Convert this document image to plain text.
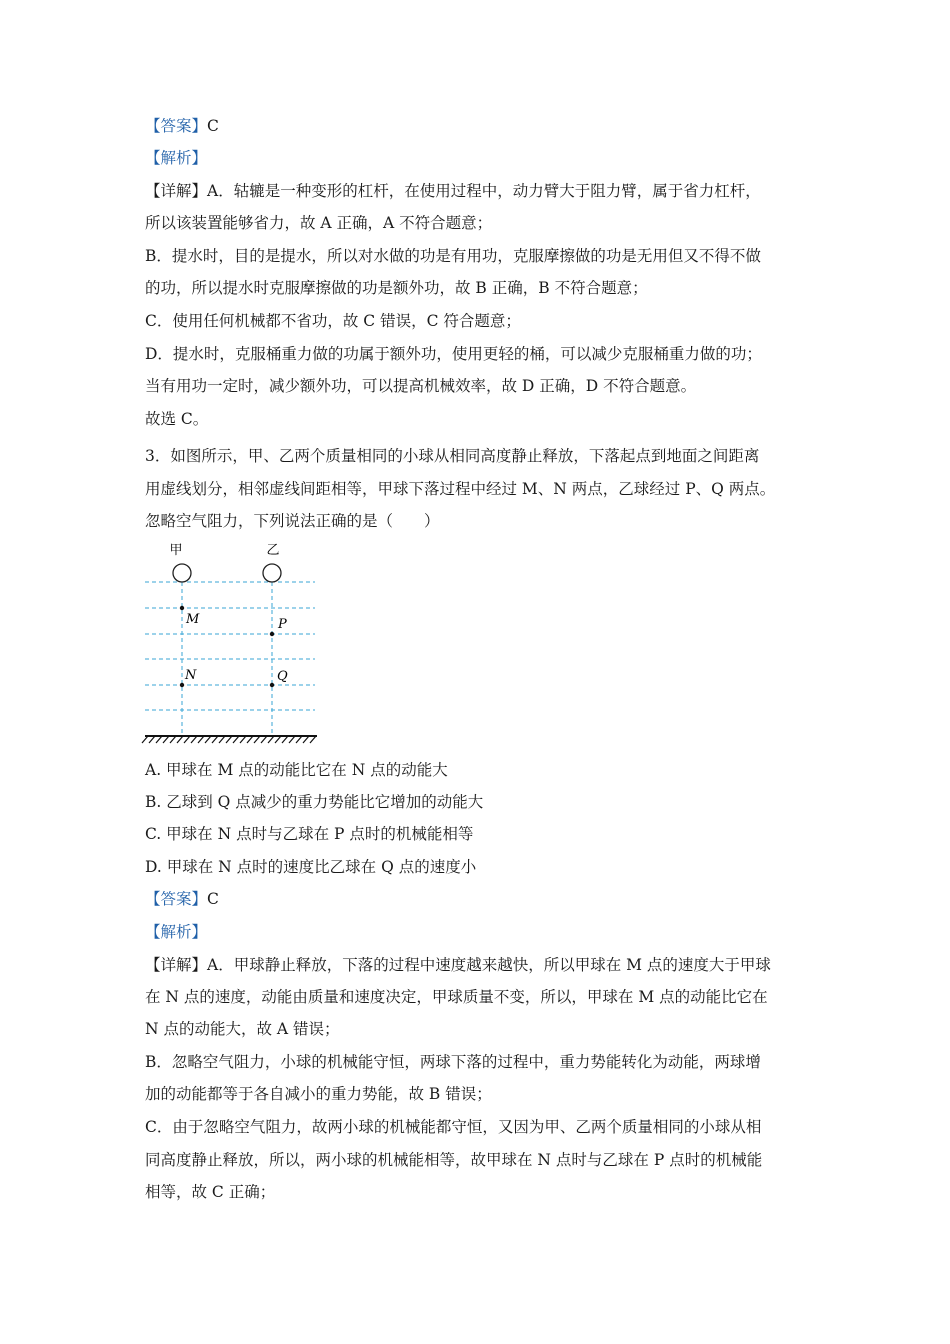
【答案】C
【解析】
【详解】A．轱辘是一种变形的杠杆，在使用过程中，动力臂大于阻力臂，属于省力杠杆，
所以该装置能够省力，故 A 正确，A 不符合题意；
B．提水时，目的是提水，所以对水做的功是有用功，克服摩擦做的功是无用但又不得不做
的功，所以提水时克服摩擦做的功是额外功，故 B 正确，B 不符合题意；
C．使用任何机械都不省功，故 C 错误，C 符合题意；
D．提水时，克服桶重力做的功属于额外功，使用更轻的桶，可以减少克服桶重力做的功；
当有用功一定时，减少额外功，可以提高机械效率，故 D 正确，D 不符合题意。
故选 C。
3．如图所示，甲、乙两个质量相同的小球从相同高度静止释放，下落起点到地面之间距离
用虚线划分，相邻虚线间距相等，甲球下落过程中经过 M、N 两点，乙球经过 P、Q 两点。
忽略空气阻力，下列说法正确的是（　　）
甲	乙
M
N
P
Q
A. 甲球在 M 点的动能比它在 N 点的动能大
B. 乙球到 Q 点减少的重力势能比它增加的动能大
C. 甲球在 N 点时与乙球在 P 点时的机械能相等
D. 甲球在 N 点时的速度比乙球在 Q 点的速度小
【答案】C
【解析】
【详解】A．甲球静止释放，下落的过程中速度越来越快，所以甲球在 M 点的速度大于甲球
在 N 点的速度，动能由质量和速度决定，甲球质量不变，所以，甲球在 M 点的动能比它在
N 点的动能大，故 A 错误；
B．忽略空气阻力，小球的机械能守恒，两球下落的过程中，重力势能转化为动能，两球增
加的动能都等于各自减小的重力势能，故 B 错误；
C．由于忽略空气阻力，故两小球的机械能都守恒，又因为甲、乙两个质量相同的小球从相
同高度静止释放，所以，两小球的机械能相等，故甲球在 N 点时与乙球在 P 点时的机械能
相等，故 C 正确；
